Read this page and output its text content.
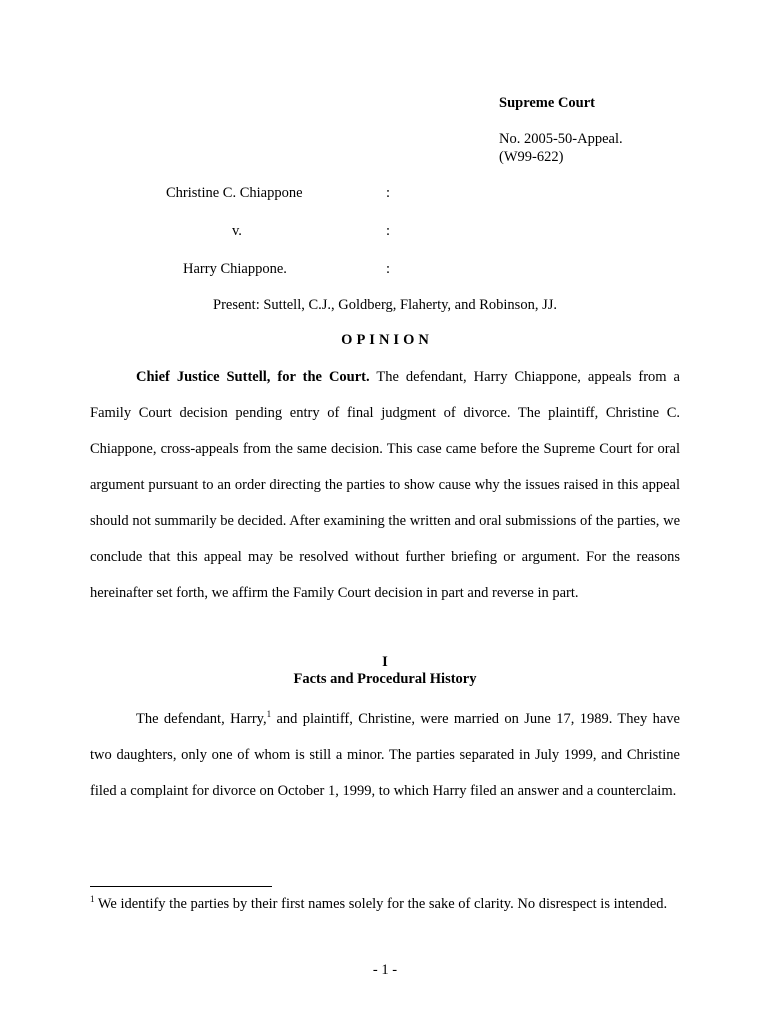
Supreme Court
No. 2005-50-Appeal.
(W99-622)
Christine C. Chiappone	:
v.	:
Harry Chiappone.	:
Present: Suttell, C.J., Goldberg, Flaherty, and Robinson, JJ.
OPINION

Chief Justice Suttell, for the Court. The defendant, Harry Chiappone, appeals from a Family Court decision pending entry of final judgment of divorce. The plaintiff, Christine C. Chiappone, cross-appeals from the same decision. This case came before the Supreme Court for oral argument pursuant to an order directing the parties to show cause why the issues raised in this appeal should not summarily be decided. After examining the written and oral submissions of the parties, we conclude that this appeal may be resolved without further briefing or argument. For the reasons hereinafter set forth, we affirm the Family Court decision in part and reverse in part.

I
Facts and Procedural History

The defendant, Harry,$^1$ and plaintiff, Christine, were married on June 17, 1989. They have two daughters, only one of whom is still a minor. The parties separated in July 1999, and Christine filed a complaint for divorce on October 1, 1999, to which Harry filed an answer and a counterclaim.

$^1$ We identify the parties by their first names solely for the sake of clarity. No disrespect is intended.

- 1 -
